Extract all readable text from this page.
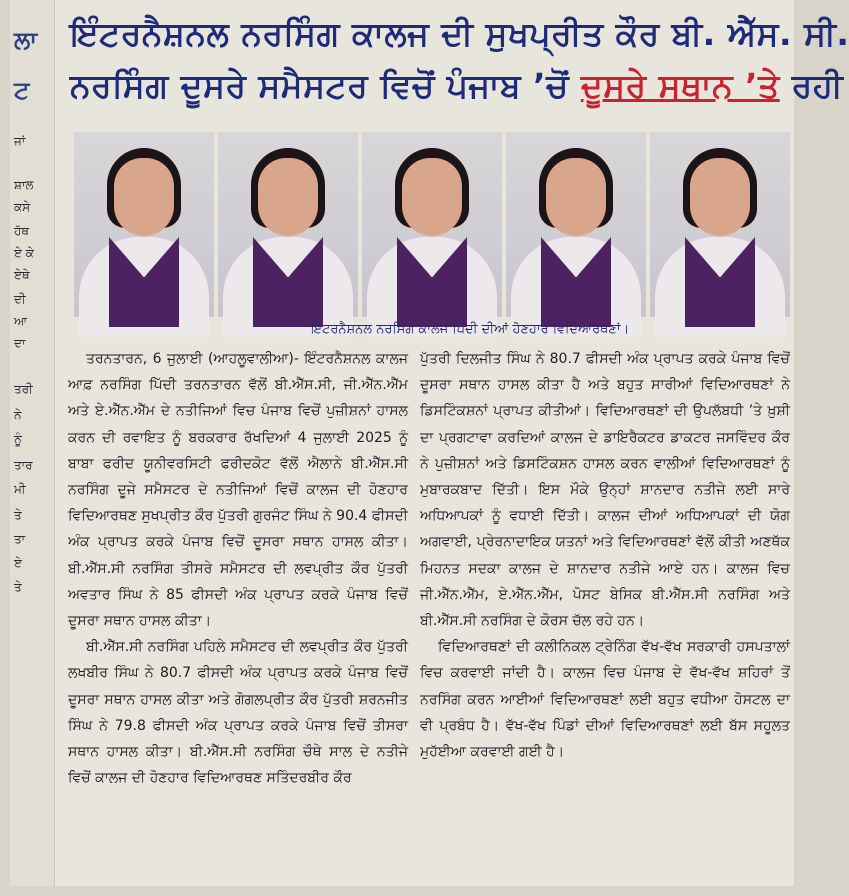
ਲਾ
ਟ
ਜਾਂ
ਸ਼ਾਲ
ਕਸੇ
ਹੱਥ
ਏ ਕੇ
ਏਥੇ
ਦੀ
ਆ
ਦਾ
ਤਰੀ
ਨੇ
ਨੂੰ
ਤਾਰ
ਮੀ
ਤੇ
ਤਾ
ਏ
ਤੇ
ਇੰਟਰਨੈਸ਼ਨਲ ਨਰਸਿੰਗ ਕਾਲਜ ਦੀ ਸੁਖਪ੍ਰੀਤ ਕੌਰ ਬੀ. ਐੱਸ. ਸੀ.
ਨਰਸਿੰਗ ਦੂਸਰੇ ਸਮੈਸਟਰ ਵਿਚੋਂ ਪੰਜਾਬ ’ਚੋਂ ਦੂਸਰੇ ਸਥਾਨ ’ਤੇ ਰਹੀ
ਇੰਟਰਨੈਸ਼ਨਲ ਨਰਸਿੰਗ ਕਾਲਜ ਪਿੱਦੀ ਦੀਆਂ ਹੋਣਹਾਰ ਵਿਦਿਆਰਥਣਾਂ।

ਤਰਨਤਾਰਨ, 6 ਜੁਲਾਈ (ਆਹਲੂਵਾਲੀਆ)- ਇੰਟਰਨੈਸ਼ਨਲ ਕਾਲਜ ਆਫ਼ ਨਰਸਿੰਗ ਪਿੱਦੀ ਤਰਨਤਾਰਨ ਵੱਲੋਂ ਬੀ.ਐੱਸ.ਸੀ, ਜੀ.ਐੱਨ.ਐੱਮ ਅਤੇ ਏ.ਐੱਨ.ਐੱਮ ਦੇ ਨਤੀਜਿਆਂ ਵਿਚ ਪੰਜਾਬ ਵਿਚੋਂ ਪੁਜ਼ੀਸ਼ਨਾਂ ਹਾਸਲ ਕਰਨ ਦੀ ਰਵਾਇਤ ਨੂੰ ਬਰਕਰਾਰ ਰੱਖਦਿਆਂ 4 ਜੁਲਾਈ 2025 ਨੂੰ ਬਾਬਾ ਫਰੀਦ ਯੂਨੀਵਰਸਿਟੀ ਫਰੀਦਕੋਟ ਵੱਲੋਂ ਐਲਾਨੇ ਬੀ.ਐੱਸ.ਸੀ ਨਰਸਿੰਗ ਦੂਜੇ ਸਮੈਸਟਰ ਦੇ ਨਤੀਜਿਆਂ ਵਿਚੋਂ ਕਾਲਜ ਦੀ ਹੋਣਹਾਰ ਵਿਦਿਆਰਥਣ ਸੁਖਪ੍ਰੀਤ ਕੌਰ ਪੁੱਤਰੀ ਗੁਰਜੰਟ ਸਿੰਘ ਨੇ 90.4 ਫੀਸਦੀ ਅੰਕ ਪ੍ਰਾਪਤ ਕਰਕੇ ਪੰਜਾਬ ਵਿਚੋਂ ਦੂਸਰਾ ਸਥਾਨ ਹਾਸਲ ਕੀਤਾ। ਬੀ.ਐੱਸ.ਸੀ ਨਰਸਿੰਗ ਤੀਸਰੇ ਸਮੈਸਟਰ ਦੀ ਲਵਪ੍ਰੀਤ ਕੌਰ ਪੁੱਤਰੀ ਅਵਤਾਰ ਸਿੰਘ ਨੇ 85 ਫੀਸਦੀ ਅੰਕ ਪ੍ਰਾਪਤ ਕਰਕੇ ਪੰਜਾਬ ਵਿਚੋਂ ਦੂਸਰਾ ਸਥਾਨ ਹਾਸਲ ਕੀਤਾ।

ਬੀ.ਐੱਸ.ਸੀ ਨਰਸਿੰਗ ਪਹਿਲੇ ਸਮੈਸਟਰ ਦੀ ਲਵਪ੍ਰੀਤ ਕੌਰ ਪੁੱਤਰੀ ਲਖਬੀਰ ਸਿੰਘ ਨੇ 80.7 ਫੀਸਦੀ ਅੰਕ ਪ੍ਰਾਪਤ ਕਰਕੇ ਪੰਜਾਬ ਵਿਚੋਂ ਦੂਸਰਾ ਸਥਾਨ ਹਾਸਲ ਕੀਤਾ ਅਤੇ ਗੋਗਲਪ੍ਰੀਤ ਕੌਰ ਪੁੱਤਰੀ ਸ਼ਰਨਜੀਤ ਸਿੰਘ ਨੇ 79.8 ਫੀਸਦੀ ਅੰਕ ਪ੍ਰਾਪਤ ਕਰਕੇ ਪੰਜਾਬ ਵਿਚੋਂ ਤੀਸਰਾ ਸਥਾਨ ਹਾਸਲ ਕੀਤਾ। ਬੀ.ਐੱਸ.ਸੀ ਨਰਸਿੰਗ ਚੌਥੇ ਸਾਲ ਦੇ ਨਤੀਜੇ ਵਿਚੋਂ ਕਾਲਜ ਦੀ ਹੋਣਹਾਰ ਵਿਦਿਆਰਥਣ ਸਤਿੰਦਰਬੀਰ ਕੌਰ

ਪੁੱਤਰੀ ਦਿਲਜੀਤ ਸਿੰਘ ਨੇ 80.7 ਫੀਸਦੀ ਅੰਕ ਪ੍ਰਾਪਤ ਕਰਕੇ ਪੰਜਾਬ ਵਿਚੋਂ ਦੂਸਰਾ ਸਥਾਨ ਹਾਸਲ ਕੀਤਾ ਹੈ ਅਤੇ ਬਹੁਤ ਸਾਰੀਆਂ ਵਿਦਿਆਰਥਣਾਂ ਨੇ ਡਿਸਟਿੰਕਸ਼ਨਾਂ ਪ੍ਰਾਪਤ ਕੀਤੀਆਂ। ਵਿਦਿਆਰਥਣਾਂ ਦੀ ਉਪਲੱਬਧੀ ’ਤੇ ਖ਼ੁਸ਼ੀ ਦਾ ਪ੍ਰਗਟਾਵਾ ਕਰਦਿਆਂ ਕਾਲਜ ਦੇ ਡਾਇਰੈਕਟਰ ਡਾਕਟਰ ਜਸਵਿੰਦਰ ਕੌਰ ਨੇ ਪੁਜ਼ੀਸ਼ਨਾਂ ਅਤੇ ਡਿਸਟਿੰਕਸ਼ਨ ਹਾਸਲ ਕਰਨ ਵਾਲੀਆਂ ਵਿਦਿਆਰਥਣਾਂ ਨੂੰ ਮੁਬਾਰਕਬਾਦ ਦਿੱਤੀ। ਇਸ ਮੌਕੇ ਉਨ੍ਹਾਂ ਸ਼ਾਨਦਾਰ ਨਤੀਜੇ ਲਈ ਸਾਰੇ ਅਧਿਆਪਕਾਂ ਨੂੰ ਵਧਾਈ ਦਿੱਤੀ। ਕਾਲਜ ਦੀਆਂ ਅਧਿਆਪਕਾਂ ਦੀ ਯੋਗ ਅਗਵਾਈ, ਪ੍ਰੇਰਨਾਦਾਇਕ ਯਤਨਾਂ ਅਤੇ ਵਿਦਿਆਰਥਣਾਂ ਵੱਲੋਂ ਕੀਤੀ ਅਣਥੱਕ ਮਿਹਨਤ ਸਦਕਾ ਕਾਲਜ ਦੇ ਸ਼ਾਨਦਾਰ ਨਤੀਜੇ ਆਏ ਹਨ। ਕਾਲਜ ਵਿਚ ਜੀ.ਐੱਨ.ਐੱਮ, ਏ.ਐੱਨ.ਐੱਮ, ਪੋਸਟ ਬੇਸਿਕ ਬੀ.ਐੱਸ.ਸੀ ਨਰਸਿੰਗ ਅਤੇ ਬੀ.ਐੱਸ.ਸੀ ਨਰਸਿੰਗ ਦੇ ਕੋਰਸ ਚੱਲ ਰਹੇ ਹਨ।

ਵਿਦਿਆਰਥਣਾਂ ਦੀ ਕਲੀਨਿਕਲ ਟ੍ਰੇਨਿੰਗ ਵੱਖ-ਵੱਖ ਸਰਕਾਰੀ ਹਸਪਤਾਲਾਂ ਵਿਚ ਕਰਵਾਈ ਜਾਂਦੀ ਹੈ। ਕਾਲਜ ਵਿਚ ਪੰਜਾਬ ਦੇ ਵੱਖ-ਵੱਖ ਸ਼ਹਿਰਾਂ ਤੋਂ ਨਰਸਿੰਗ ਕਰਨ ਆਈਆਂ ਵਿਦਿਆਰਥਣਾਂ ਲਈ ਬਹੁਤ ਵਧੀਆ ਹੋਸਟਲ ਦਾ ਵੀ ਪ੍ਰਬੰਧ ਹੈ। ਵੱਖ-ਵੱਖ ਪਿੰਡਾਂ ਦੀਆਂ ਵਿਦਿਆਰਥਣਾਂ ਲਈ ਬੱਸ ਸਹੂਲਤ ਮੁਹੱਈਆ ਕਰਵਾਈ ਗਈ ਹੈ।
